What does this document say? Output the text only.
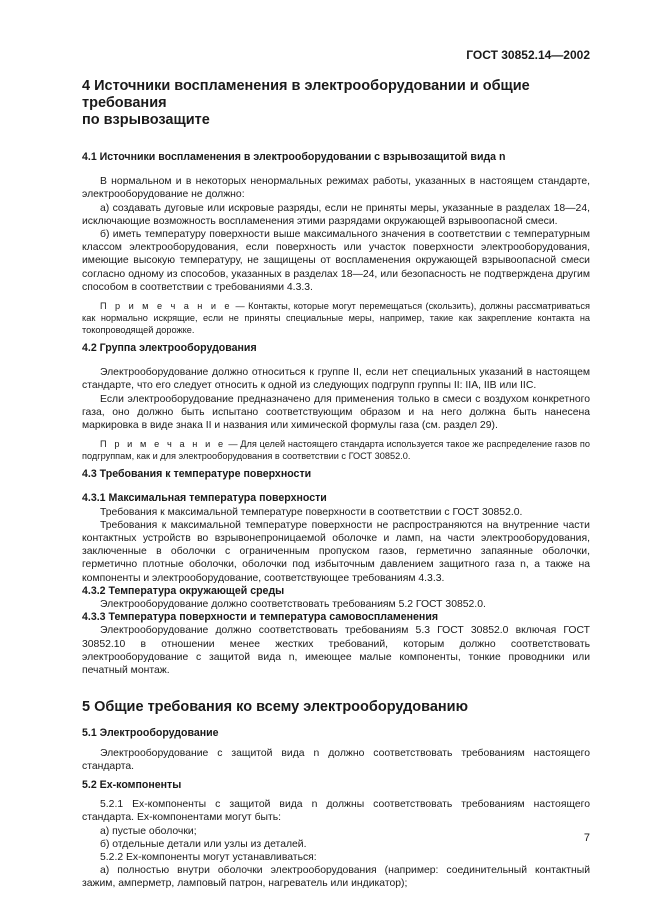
ГОСТ 30852.14—2002
4 Источники воспламенения в электрооборудовании и общие требования
по взрывозащите
4.1 Источники воспламенения в электрооборудовании с взрывозащитой вида n

В нормальном и в некоторых ненормальных режимах работы, указанных в настоящем стандарте, электрооборудование не должно:

а) создавать дуговые или искровые разряды, если не приняты меры, указанные в разделах 18—24, исключающие возможность воспламенения этими разрядами окружающей взрывоопасной смеси.

б) иметь температуру поверхности выше максимального значения в соответствии с температурным классом электрооборудования, если поверхность или участок поверхности электрооборудования, имеющие высокую температуру, не защищены от воспламенения окружающей взрывоопасной смеси согласно одному из способов, указанных в разделах 18—24, или безопасность не подтверждена другим способом в соответствии с требованиями 4.3.3.

П р и м е ч а н и е — Контакты, которые могут перемещаться (скользить), должны рассматриваться как нормально искрящие, если не приняты специальные меры, например, такие как закрепление контакта на токопроводящей дорожке.

4.2 Группа электрооборудования

Электрооборудование должно относиться к группе II, если нет специальных указаний в настоящем стандарте, что его следует относить к одной из следующих подгрупп группы II: IIA, IIB или IIC.

Если электрооборудование предназначено для применения только в смеси с воздухом конкретного газа, оно должно быть испытано соответствующим образом и на него должна быть нанесена маркировка в виде знака II и названия или химической формулы газа (см. раздел 29).

П р и м е ч а н и е — Для целей настоящего стандарта используется такое же распределение газов по подгруппам, как и для электрооборудования в соответствии с ГОСТ 30852.0.

4.3 Требования к температуре поверхности
4.3.1 Максимальная температура поверхности

Требования к максимальной температуре поверхности в соответствии с ГОСТ 30852.0.

Требования к максимальной температуре поверхности не распространяются на внутренние части контактных устройств во взрывонепроницаемой оболочке и ламп, на части электрооборудования, заключенные в оболочки с ограниченным пропуском газов, герметично запаянные оболочки, герметично плотные оболочки, оболочки под избыточным давлением защитного газа n, а также на компоненты и электрооборудование, соответствующее требованиям 4.3.3.

4.3.2 Температура окружающей среды

Электрооборудование должно соответствовать требованиям 5.2 ГОСТ 30852.0.

4.3.3 Температура поверхности и температура самовоспламенения

Электрооборудование должно соответствовать требованиям 5.3 ГОСТ 30852.0 включая ГОСТ 30852.10 в отношении менее жестких требований, которым должно соответствовать электрооборудование с защитой вида n, имеющее малые компоненты, тонкие проводники или печатный монтаж.

5 Общие требования ко всему электрооборудованию
5.1 Электрооборудование

Электрооборудование с защитой вида n должно соответствовать требованиям настоящего стандарта.

5.2 Ех-компоненты

5.2.1 Ех-компоненты с защитой вида n должны соответствовать требованиям настоящего стандарта. Ех-компонентами могут быть:

а) пустые оболочки;

б) отдельные детали или узлы из деталей.

5.2.2 Ех-компоненты могут устанавливаться:

а) полностью внутри оболочки электрооборудования (например: соединительный контактный зажим, амперметр, ламповый патрон, нагреватель или индикатор);

7
